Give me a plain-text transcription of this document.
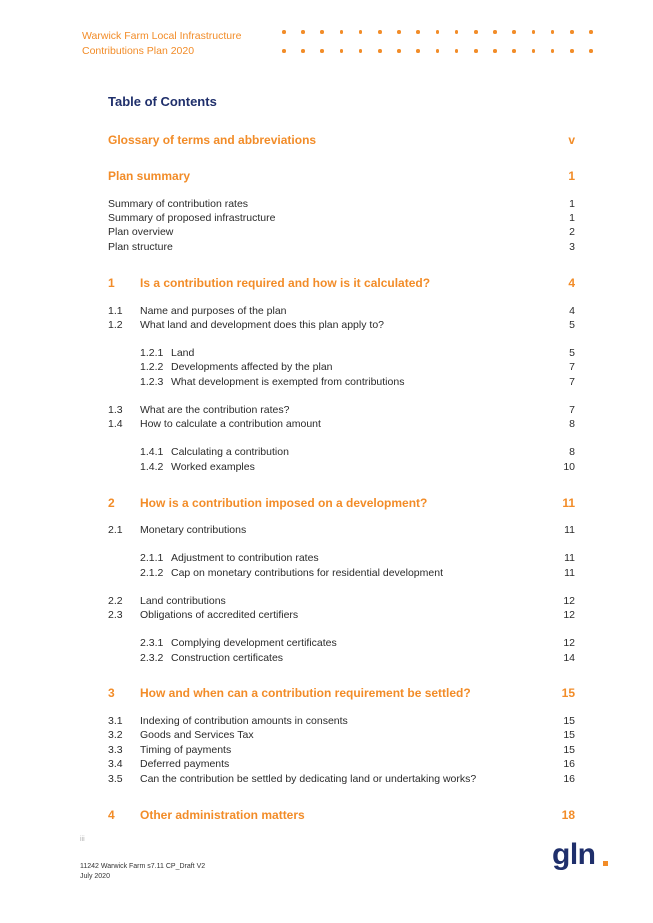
Warwick Farm Local Infrastructure
Contributions Plan 2020
Table of Contents
Glossary of terms and abbreviations	v
Plan summary	1
Summary of contribution rates	1
Summary of proposed infrastructure	1
Plan overview	2
Plan structure	3
1 Is a contribution required and how is it calculated?	4
1.1 Name and purposes of the plan	4
1.2 What land and development does this plan apply to?	5
1.2.1 Land	5
1.2.2 Developments affected by the plan	7
1.2.3 What development is exempted from contributions	7
1.3 What are the contribution rates?	7
1.4 How to calculate a contribution amount	8
1.4.1 Calculating a contribution	8
1.4.2 Worked examples	10
2 How is a contribution imposed on a development?	11
2.1 Monetary contributions	11
2.1.1 Adjustment to contribution rates	11
2.1.2 Cap on monetary contributions for residential development	11
2.2 Land contributions	12
2.3 Obligations of accredited certifiers	12
2.3.1 Complying development certificates	12
2.3.2 Construction certificates	14
3 How and when can a contribution requirement be settled?	15
3.1 Indexing of contribution amounts in consents	15
3.2 Goods and Services Tax	15
3.3 Timing of payments	15
3.4 Deferred payments	16
3.5 Can the contribution be settled by dedicating land or undertaking works?	16
4 Other administration matters	18
iii
11242 Warwick Farm s7.11 CP_Draft V2
July 2020
gln
